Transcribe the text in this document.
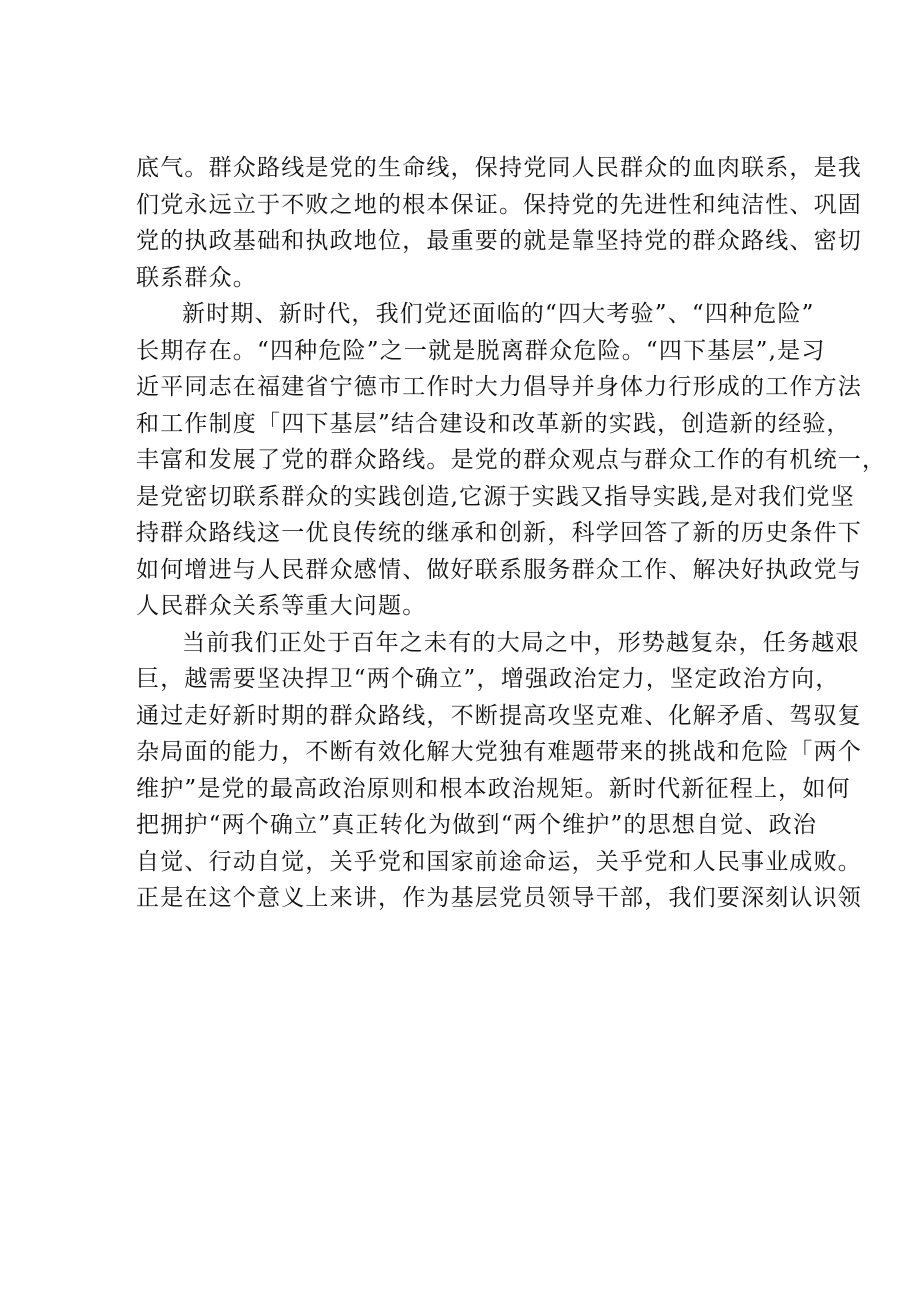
底气。群众路线是党的生命线，保持党同人民群众的血肉联系，是我
们党永远立于不败之地的根本保证。保持党的先进性和纯洁性、巩固
党的执政基础和执政地位，最重要的就是靠坚持党的群众路线、密切
联系群众。
新时期、新时代，我们党还面临的“四大考验”、“四种危险”
长期存在。“四种危险”之一就是脱离群众危险。“四下基层”,是习
近平同志在福建省宁德市工作时大力倡导并身体力行形成的工作方法
和工作制度「四下基层”结合建设和改革新的实践，创造新的经验，
丰富和发展了党的群众路线。是党的群众观点与群众工作的有机统一，
是党密切联系群众的实践创造,它源于实践又指导实践,是对我们党坚
持群众路线这一优良传统的继承和创新，科学回答了新的历史条件下
如何增进与人民群众感情、做好联系服务群众工作、解决好执政党与
人民群众关系等重大问题。
当前我们正处于百年之未有的大局之中，形势越复杂，任务越艰
巨，越需要坚决捍卫“两个确立”，增强政治定力，坚定政治方向，
通过走好新时期的群众路线，不断提高攻坚克难、化解矛盾、驾驭复
杂局面的能力，不断有效化解大党独有难题带来的挑战和危险「两个
维护”是党的最高政治原则和根本政治规矩。新时代新征程上，如何
把拥护“两个确立”真正转化为做到“两个维护”的思想自觉、政治
自觉、行动自觉，关乎党和国家前途命运，关乎党和人民事业成败。
正是在这个意义上来讲，作为基层党员领导干部，我们要深刻认识领
